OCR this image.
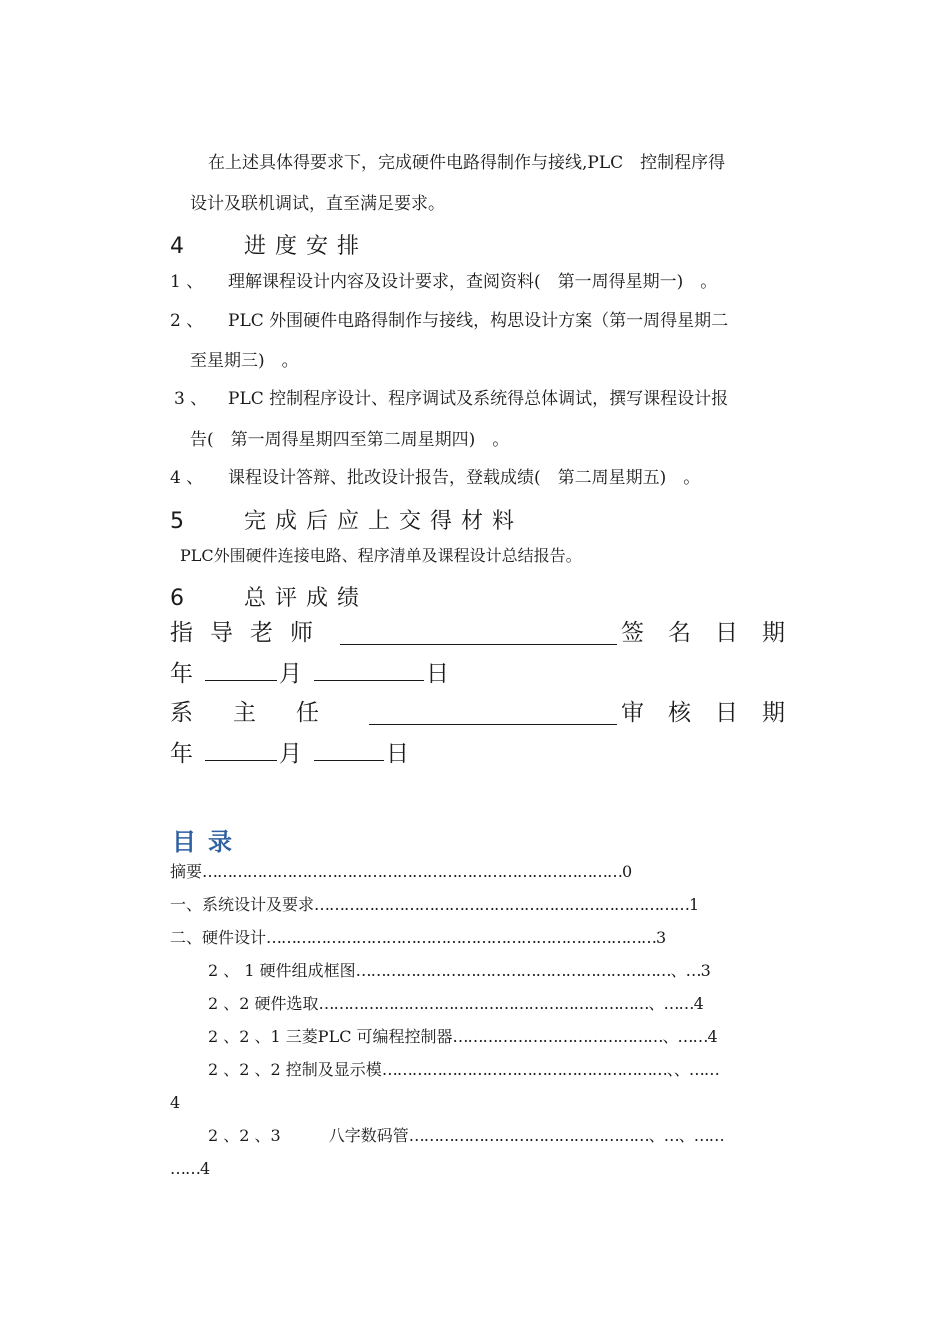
在上述具体得要求下，完成硬件电路得制作与接线,PLC　控制程序得
设计及联机调试，直至满足要求。
4	进度安排
1 、 理解课程设计内容及设计要求，查阅资料(　第一周得星期一)　。
2 、 PLC 外围硬件电路得制作与接线，构思设计方案（第一周得星期二
至星期三)　。
3 、 PLC 控制程序设计、程序调试及系统得总体调试，撰写课程设计报
告(　第一周得星期四至第二周星期四)　。
4 、 课程设计答辩、批改设计报告，登载成绩(　第二周星期五)　。
5	完成后应上交得材料
PLC外围硬件连接电路、程序清单及课程设计总结报告。
6	总评成绩
指导老师	签名日期
年	月	日
系主任	审核日期
年	月	日
目录
摘要…………………………………………………………………………0
一、系统设计及要求…………………………………………………………………1
二、硬件设计……………………………………………………………………3
2 、 1 硬件组成框图………………………………………………………、…3
2 、2 硬件选取…………………………………………………………、……4
2 、2 、1 三菱PLC 可编程控制器……………………………………、……4
2 、2 、2 控制及显示模…………………………………………………、、……
4
2 、2 、3　　　八字数码管…………………………………………、…、……
……4
